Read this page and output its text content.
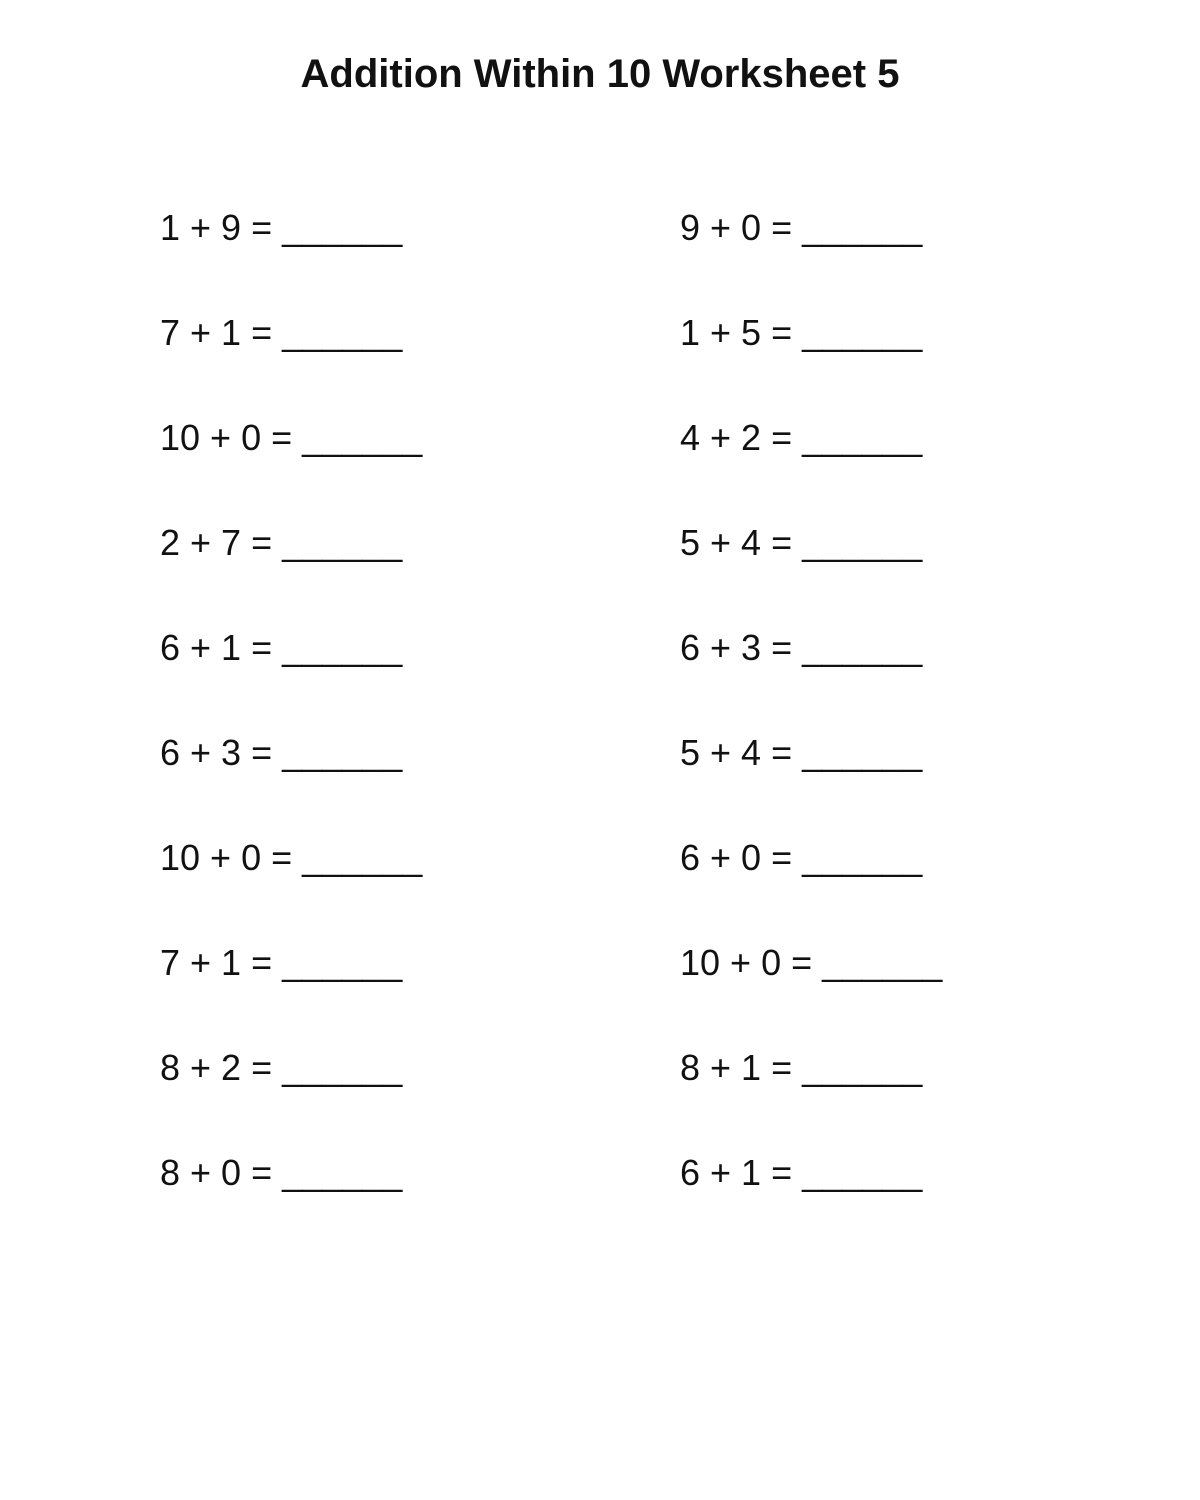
Addition Within 10 Worksheet 5
1 + 9 = ______	9 + 0 = ______
7 + 1 = ______	1 + 5 = ______
10 + 0 = ______	4 + 2 = ______
2 + 7 = ______	5 + 4 = ______
6 + 1 = ______	6 + 3 = ______
6 + 3 = ______	5 + 4 = ______
10 + 0 = ______	6 + 0 = ______
7 + 1 = ______	10 + 0 = ______
8 + 2 = ______	8 + 1 = ______
8 + 0 = ______	6 + 1 = ______
